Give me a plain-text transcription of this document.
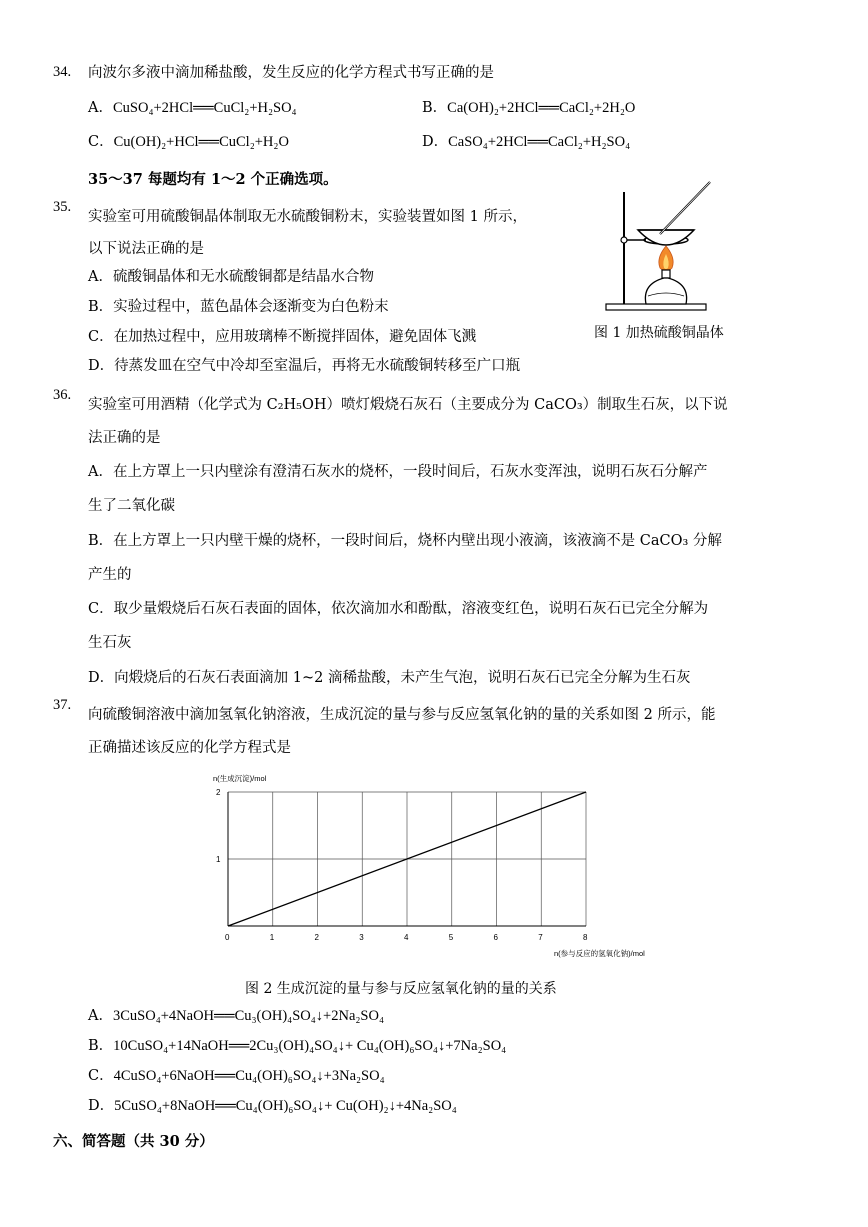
34. 向波尔多液中滴加稀盐酸，发生反应的化学方程式书写正确的是
A．CuSO₄+2HCl══CuCl₂+H₂SO₄	B．Ca(OH)₂+2HCl══CaCl₂+2H₂O
C．Cu(OH)₂+HCl══CuCl₂+H₂O	D．CaSO₄+2HCl══CaCl₂+H₂SO₄
35～37 每题均有 1～2 个正确选项。
35.
实验室可用硫酸铜晶体制取无水硫酸铜粉末，实验装置如图 1 所示，
以下说法正确的是
A．硫酸铜晶体和无水硫酸铜都是结晶水合物
B．实验过程中，蓝色晶体会逐渐变为白色粉末
C．在加热过程中，应用玻璃棒不断搅拌固体，避免固体飞溅
D．待蒸发皿在空气中冷却至室温后，再将无水硫酸铜转移至广口瓶
图 1 加热硫酸铜晶体
36.
实验室可用酒精（化学式为 C₂H₅OH）喷灯煅烧石灰石（主要成分为 CaCO₃）制取生石灰，以下说
法正确的是
A．在上方罩上一只内壁涂有澄清石灰水的烧杯，一段时间后，石灰水变浑浊，说明石灰石分解产
生了二氧化碳
B．在上方罩上一只内壁干燥的烧杯，一段时间后，烧杯内壁出现小液滴，该液滴不是 CaCO₃ 分解
产生的
C．取少量煅烧后石灰石表面的固体，依次滴加水和酚酞，溶液变红色，说明石灰石已完全分解为
生石灰
D．向煅烧后的石灰石表面滴加 1~2 滴稀盐酸，未产生气泡，说明石灰石已完全分解为生石灰
37.
向硫酸铜溶液中滴加氢氧化钠溶液，生成沉淀的量与参与反应氢氧化钠的量的关系如图 2 所示，能
正确描述该反应的化学方程式是
0	1	2	3	4	5	6	7	8
1
2
n(生成沉淀)/mol
n(参与反应的氢氧化钠)/mol
图 2 生成沉淀的量与参与反应氢氧化钠的量的关系
A．3CuSO₄+4NaOH══Cu₃(OH)₄SO₄↓+2Na₂SO₄
B．10CuSO₄+14NaOH══2Cu₃(OH)₄SO₄↓+ Cu₄(OH)₆SO₄↓+7Na₂SO₄
C．4CuSO₄+6NaOH══Cu₄(OH)₆SO₄↓+3Na₂SO₄
D．5CuSO₄+8NaOH══Cu₄(OH)₆SO₄↓+ Cu(OH)₂↓+4Na₂SO₄
六、简答题（共 30 分）
